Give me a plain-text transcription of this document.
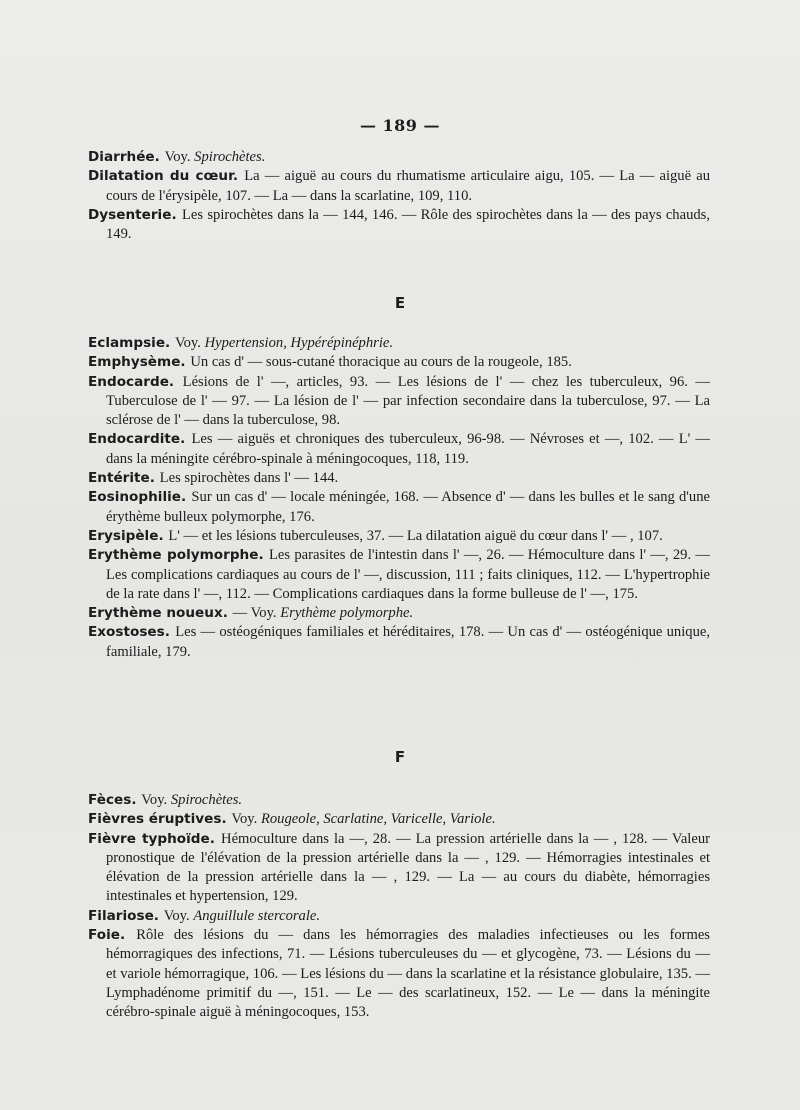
— 189 —
Diarrhée. Voy. Spirochètes.
Dilatation du cœur. La — aiguë au cours du rhumatisme articulaire aigu, 105. — La — aiguë au cours de l'érysipèle, 107. — La — dans la scarlatine, 109, 110.
Dysenterie. Les spirochètes dans la — 144, 146. — Rôle des spirochètes dans la — des pays chauds, 149.
E
Eclampsie. Voy. Hypertension, Hypérépinéphrie.
Emphysème. Un cas d' — sous-cutané thoracique au cours de la rougeole, 185.
Endocarde. Lésions de l' —, articles, 93. — Les lésions de l' — chez les tuberculeux, 96. — Tuberculose de l' — 97. — La lésion de l' — par infection secondaire dans la tuberculose, 97. — La sclérose de l' — dans la tuberculose, 98.
Endocardite. Les — aiguës et chroniques des tuberculeux, 96-98. — Névroses et —, 102. — L' — dans la méningite cérébro-spinale à méningocoques, 118, 119.
Entérite. Les spirochètes dans l' — 144.
Eosinophilie. Sur un cas d' — locale méningée, 168. — Absence d' — dans les bulles et le sang d'une érythème bulleux polymorphe, 176.
Erysipèle. L' — et les lésions tuberculeuses, 37. — La dilatation aiguë du cœur dans l' — , 107.
Erythème polymorphe. Les parasites de l'intestin dans l' —, 26. — Hémoculture dans l' —, 29. — Les complications cardiaques au cours de l' —, discussion, 111 ; faits cliniques, 112. — L'hypertrophie de la rate dans l' —, 112. — Complications cardiaques dans la forme bulleuse de l' —, 175.
Erythème noueux. — Voy. Erythème polymorphe.
Exostoses. Les — ostéogéniques familiales et héréditaires, 178. — Un cas d' — ostéogénique unique, familiale, 179.
F
Fèces. Voy. Spirochètes.
Fièvres éruptives. Voy. Rougeole, Scarlatine, Varicelle, Variole.
Fièvre typhoïde. Hémoculture dans la —, 28. — La pression artérielle dans la — , 128. — Valeur pronostique de l'élévation de la pression artérielle dans la — , 129. — Hémorragies intestinales et élévation de la pression artérielle dans la — , 129. — La — au cours du diabète, hémorragies intestinales et hypertension, 129.
Filariose. Voy. Anguillule stercorale.
Foie. Rôle des lésions du — dans les hémorragies des maladies infectieuses ou les formes hémorragiques des infections, 71. — Lésions tuberculeuses du — et glycogène, 73. — Lésions du — et variole hémorragique, 106. — Les lésions du — dans la scarlatine et la résistance globulaire, 135. — Lymphadénome primitif du —, 151. — Le — des scarlatineux, 152. — Le — dans la méningite cérébro-spinale aiguë à méningocoques, 153.
